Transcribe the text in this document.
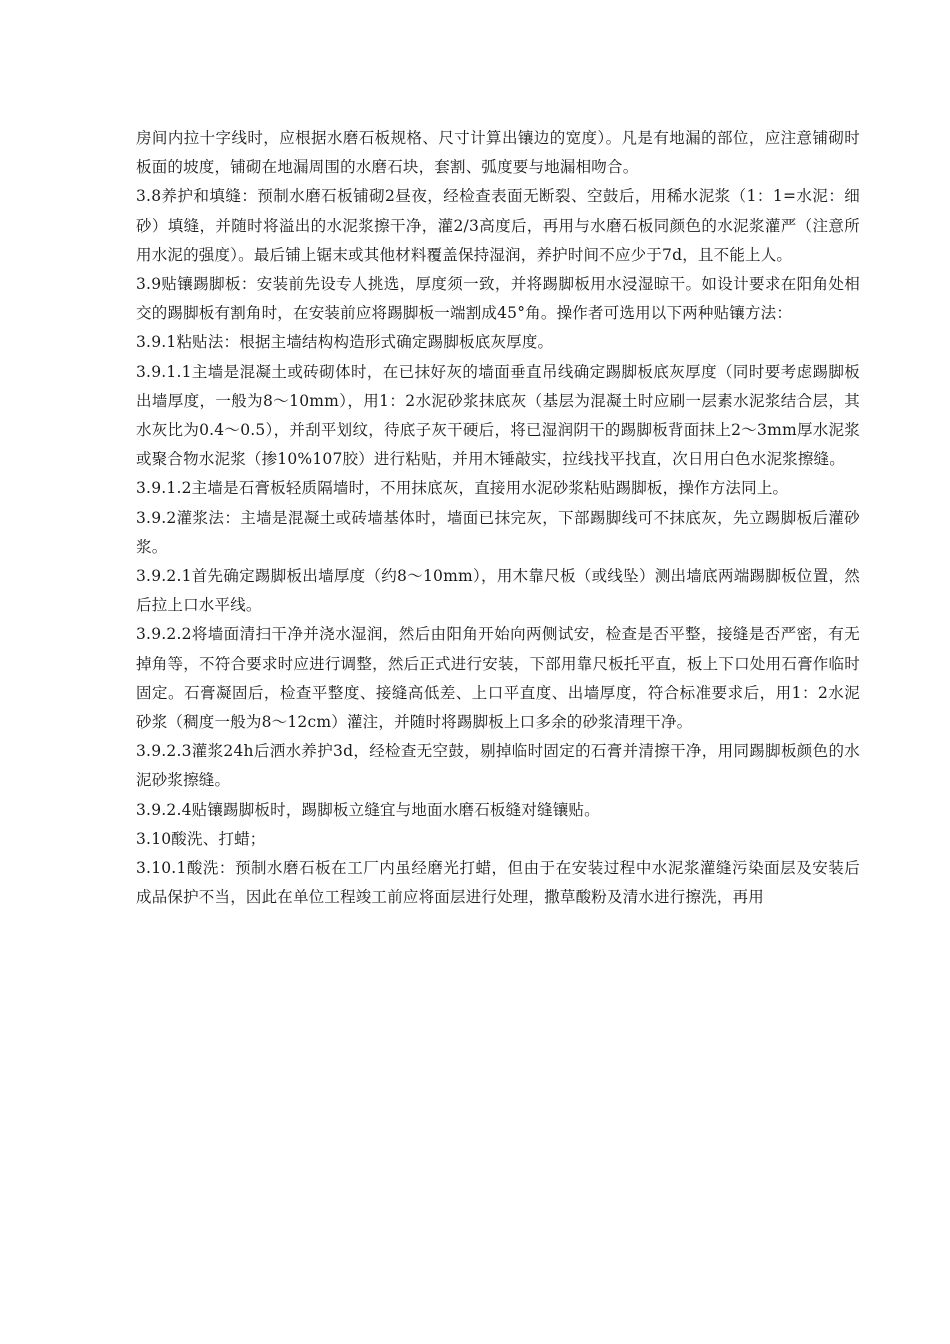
房间内拉十字线时，应根据水磨石板规格、尺寸计算出镶边的宽度）。凡是有地漏的部位，应注意铺砌时板面的坡度，铺砌在地漏周围的水磨石块，套割、弧度要与地漏相吻合。

3.8养护和填缝：预制水磨石板铺砌2昼夜，经检查表面无断裂、空鼓后，用稀水泥浆（1：1=水泥：细砂）填缝，并随时将溢出的水泥浆擦干净，灌2/3高度后，再用与水磨石板同颜色的水泥浆灌严（注意所用水泥的强度）。最后铺上锯末或其他材料覆盖保持湿润，养护时间不应少于7d，且不能上人。

3.9贴镶踢脚板：安装前先设专人挑选，厚度须一致，并将踢脚板用水浸湿晾干。如设计要求在阳角处相交的踢脚板有割角时，在安装前应将踢脚板一端割成45°角。操作者可选用以下两种贴镶方法：

3.9.1粘贴法：根据主墙结构构造形式确定踢脚板底灰厚度。

3.9.1.1主墙是混凝土或砖砌体时，在已抹好灰的墙面垂直吊线确定踢脚板底灰厚度（同时要考虑踢脚板出墙厚度，一般为8～10mm），用1：2水泥砂浆抹底灰（基层为混凝土时应刷一层素水泥浆结合层，其水灰比为0.4～0.5），并刮平划纹，待底子灰干硬后，将已湿润阴干的踢脚板背面抹上2～3mm厚水泥浆或聚合物水泥浆（掺10%107胶）进行粘贴，并用木锤敲实，拉线找平找直，次日用白色水泥浆擦缝。

3.9.1.2主墙是石膏板轻质隔墙时，不用抹底灰，直接用水泥砂浆粘贴踢脚板，操作方法同上。

3.9.2灌浆法：主墙是混凝土或砖墙基体时，墙面已抹完灰，下部踢脚线可不抹底灰，先立踢脚板后灌砂浆。

3.9.2.1首先确定踢脚板出墙厚度（约8～10mm），用木靠尺板（或线坠）测出墙底两端踢脚板位置，然后拉上口水平线。

3.9.2.2将墙面清扫干净并浇水湿润，然后由阳角开始向两侧试安，检查是否平整，接缝是否严密，有无掉角等，不符合要求时应进行调整，然后正式进行安装，下部用靠尺板托平直，板上下口处用石膏作临时固定。石膏凝固后，检查平整度、接缝高低差、上口平直度、出墙厚度，符合标准要求后，用1：2水泥砂浆（稠度一般为8～12cm）灌注，并随时将踢脚板上口多余的砂浆清理干净。

3.9.2.3灌浆24h后洒水养护3d，经检查无空鼓，剔掉临时固定的石膏并清擦干净，用同踢脚板颜色的水泥砂浆擦缝。

3.9.2.4贴镶踢脚板时，踢脚板立缝宜与地面水磨石板缝对缝镶贴。

3.10酸洗、打蜡；

3.10.1酸洗：预制水磨石板在工厂内虽经磨光打蜡，但由于在安装过程中水泥浆灌缝污染面层及安装后成品保护不当，因此在单位工程竣工前应将面层进行处理，撒草酸粉及清水进行擦洗，再用
